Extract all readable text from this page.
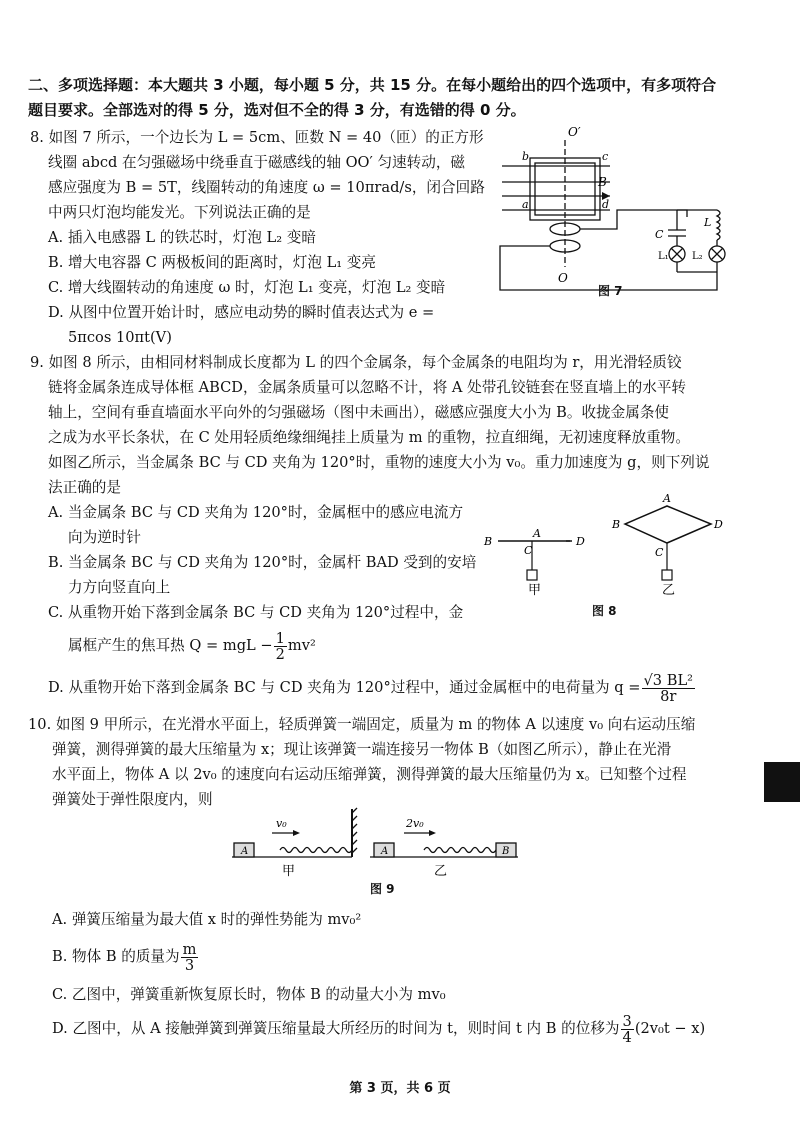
二、多项选择题：本大题共 3 小题，每小题 5 分，共 15 分。在每小题给出的四个选项中，有多项符合
题目要求。全部选对的得 5 分，选对但不全的得 3 分，有选错的得 0 分。
8. 如图 7 所示，一个边长为 L = 5cm、匝数 N = 40（匝）的正方形
线圈 abcd 在匀强磁场中绕垂直于磁感线的轴 OO′ 匀速转动，磁
感应强度为 B = 5T，线圈转动的角速度 ω = 10πrad/s，闭合回路
中两只灯泡均能发光。下列说法正确的是
A. 插入电感器 L 的铁芯时，灯泡 L₂ 变暗
B. 增大电容器 C 两极板间的距离时，灯泡 L₁ 变亮
C. 增大线圈转动的角速度 ω 时，灯泡 L₁ 变亮，灯泡 L₂ 变暗
D. 从图中位置开始计时，感应电动势的瞬时值表达式为 e =
5πcos 10πt(V)
O′
O
b	c
a	d
B
C
L
L₁ L₂
图 7
9. 如图 8 所示，由相同材料制成长度都为 L 的四个金属条，每个金属条的电阻均为 r，用光滑轻质铰
链将金属条连成导体框 ABCD，金属条质量可以忽略不计，将 A 处带孔铰链套在竖直墙上的水平转
轴上，空间有垂直墙面水平向外的匀强磁场（图中未画出），磁感应强度大小为 B。收拢金属条使
之成为水平长条状，在 C 处用轻质绝缘细绳挂上质量为 m 的重物，拉直细绳，无初速度释放重物。
如图乙所示，当金属条 BC 与 CD 夹角为 120°时，重物的速度大小为 v₀。重力加速度为 g，则下列说
法正确的是
A. 当金属条 BC 与 CD 夹角为 120°时，金属框中的感应电流方
向为逆时针
B. 当金属条 BC 与 CD 夹角为 120°时，金属杆 BAD 受到的安培
力方向竖直向上
C. 从重物开始下落到金属条 BC 与 CD 夹角为 120°过程中，金
属框产生的焦耳热 Q = mgL − $\frac{1}{2} mv^2$
D. 从重物开始下落到金属条 BC 与 CD 夹角为 120°过程中，通过金属框中的电荷量为 $q = \frac{\text{√3 BL²}}{8r}$
B
A
C
D
甲
A
B
C
D
乙
图 8
10. 如图 9 甲所示，在光滑水平面上，轻质弹簧一端固定，质量为 m 的物体 A 以速度 v₀ 向右运动压缩
弹簧，测得弹簧的最大压缩量为 x；现让该弹簧一端连接另一物体 B（如图乙所示），静止在光滑
水平面上，物体 A 以 2v₀ 的速度向右运动压缩弹簧，测得弹簧的最大压缩量仍为 x。已知整个过程
弹簧处于弹性限度内，则
A	A	B
v₀	2v₀
甲	乙
图 9
A. 弹簧压缩量为最大值 x 时的弹性势能为 mv₀²
B. 物体 B 的质量为 $\frac{m}{3}$
C. 乙图中，弹簧重新恢复原长时，物体 B 的动量大小为 mv₀
D. 乙图中，从 A 接触弹簧到弹簧压缩量最大所经历的时间为 t，则时间 t 内 B 的位移为 $\frac{3}{4} (2v_0t - x)$
第 3 页，共 6 页
